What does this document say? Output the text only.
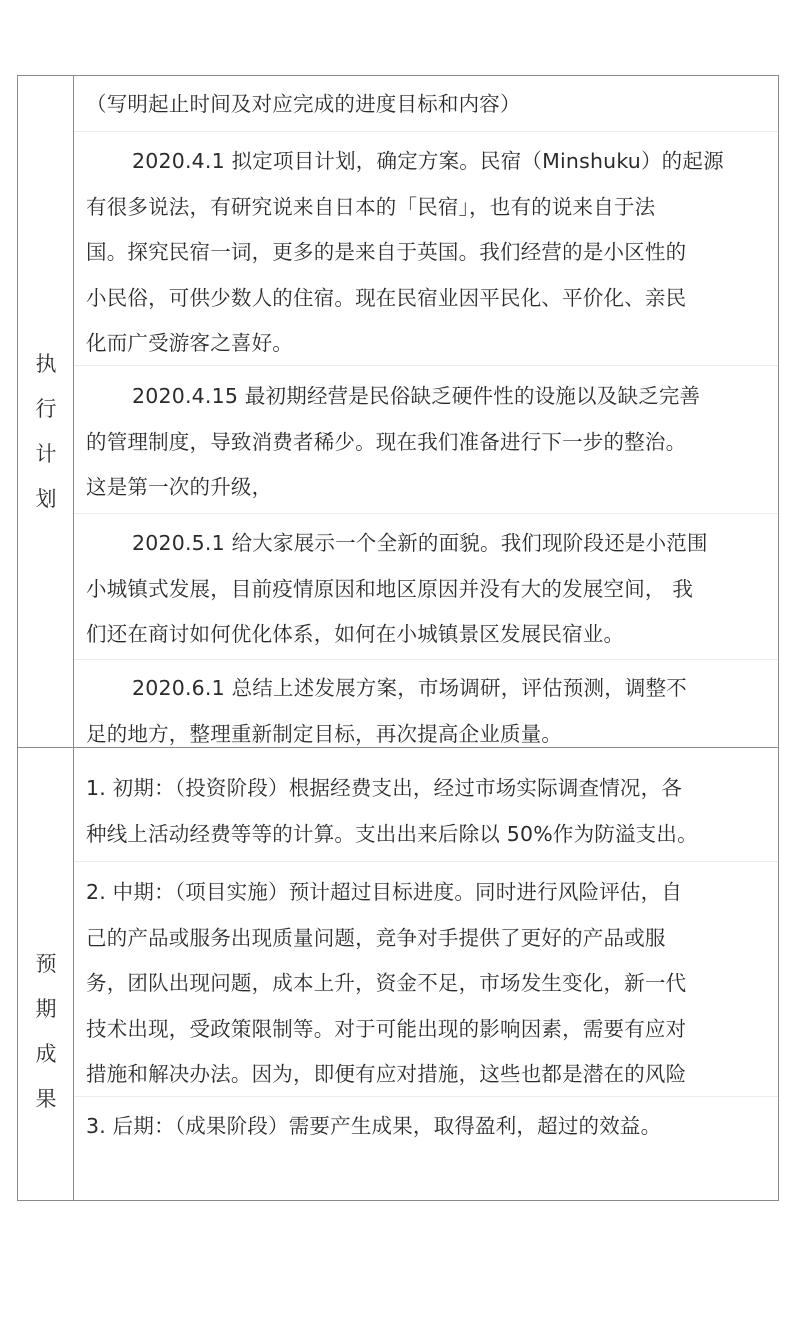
执
行
计
划
（写明起止时间及对应完成的进度目标和内容）
2020.4.1 拟定项目计划，确定方案。民宿（Minshuku）的起源
有很多说法，有研究说来自日本的「民宿」，也有的说来自于法
国。探究民宿一词，更多的是来自于英国。我们经营的是小区性的
小民俗，可供少数人的住宿。现在民宿业因平民化、平价化、亲民
化而广受游客之喜好。
2020.4.15 最初期经营是民俗缺乏硬件性的设施以及缺乏完善
的管理制度，导致消费者稀少。现在我们准备进行下一步的整治。
这是第一次的升级，
2020.5.1 给大家展示一个全新的面貌。我们现阶段还是小范围
小城镇式发展，目前疫情原因和地区原因并没有大的发展空间， 我
们还在商讨如何优化体系，如何在小城镇景区发展民宿业。
2020.6.1 总结上述发展方案，市场调研，评估预测，调整不
足的地方，整理重新制定目标，再次提高企业质量。
预
期
成
果
1. 初期：（投资阶段）根据经费支出，经过市场实际调查情况，各
种线上活动经费等等的计算。支出出来后除以 50%作为防溢支出。
2. 中期：（项目实施）预计超过目标进度。同时进行风险评估，自
己的产品或服务出现质量问题，竞争对手提供了更好的产品或服
务，团队出现问题，成本上升，资金不足，市场发生变化，新一代
技术出现，受政策限制等。对于可能出现的影响因素，需要有应对
措施和解决办法。因为，即便有应对措施，这些也都是潜在的风险
3. 后期：（成果阶段）需要产生成果，取得盈利，超过的效益。
